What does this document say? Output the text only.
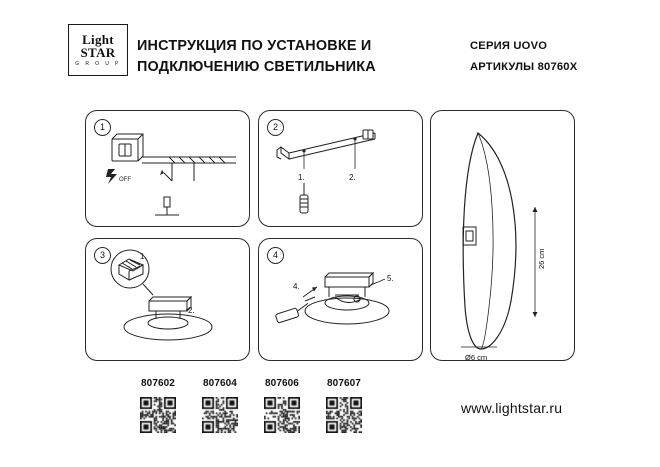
Light
STAR
G R O U P
ИНСТРУКЦИЯ ПО УСТАНОВКЕ И
ПОДКЛЮЧЕНИЮ СВЕТИЛЬНИКА
СЕРИЯ UOVO
АРТИКУЛЫ 80760Х
1
OFF
2
1.	2.
3	1.
2.
4
4.
5.
26 cm
Ø6 cm
807602	807604	807606	807607
www.lightstar.ru
